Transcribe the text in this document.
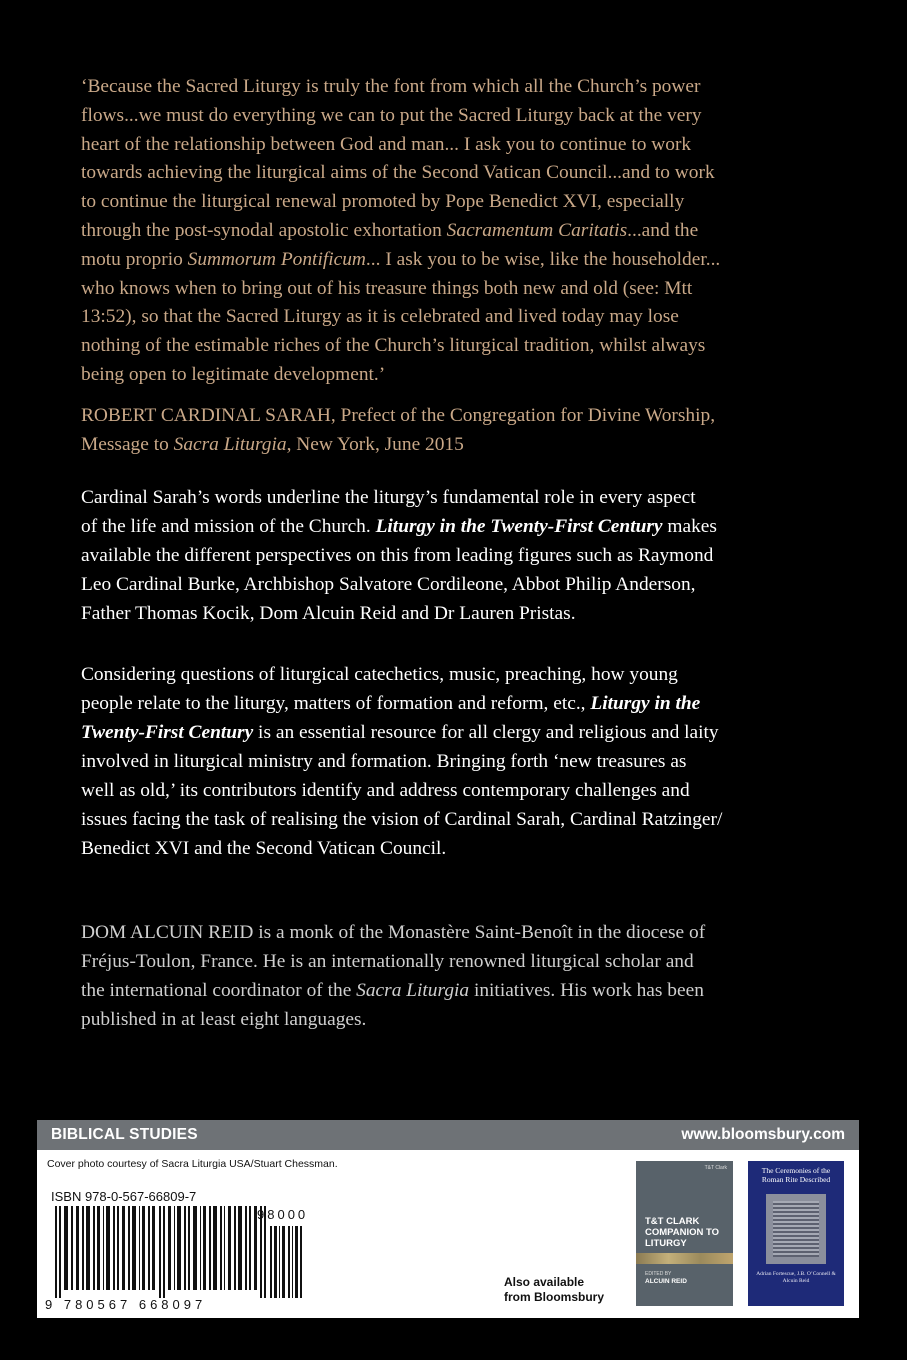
‘Because the Sacred Liturgy is truly the font from which all the Church’s power

flows...we must do everything we can to put the Sacred Liturgy back at the very

heart of the relationship between God and man... I ask you to continue to work

towards achieving the liturgical aims of the Second Vatican Council...and to work

to continue the liturgical renewal promoted by Pope Benedict XVI, especially

through the post-synodal apostolic exhortation Sacramentum Caritatis...and the

motu proprio Summorum Pontificum... I ask you to be wise, like the householder...

who knows when to bring out of his treasure things both new and old (see: Mtt

13:52), so that the Sacred Liturgy as it is celebrated and lived today may lose

nothing of the estimable riches of the Church’s liturgical tradition, whilst always

being open to legitimate development.’

ROBERT CARDINAL SARAH, Prefect of the Congregation for Divine Worship,
Message to Sacra Liturgia, New York, June 2015
Cardinal Sarah’s words underline the liturgy’s fundamental role in every aspect
of the life and mission of the Church. Liturgy in the Twenty-First Century makes
available the different perspectives on this from leading figures such as Raymond
Leo Cardinal Burke, Archbishop Salvatore Cordileone, Abbot Philip Anderson,
Father Thomas Kocik, Dom Alcuin Reid and Dr Lauren Pristas.
Considering questions of liturgical catechetics, music, preaching, how young
people relate to the liturgy, matters of formation and reform, etc., Liturgy in the
Twenty-First Century is an essential resource for all clergy and religious and laity
involved in liturgical ministry and formation. Bringing forth ‘new treasures as
well as old,’ its contributors identify and address contemporary challenges and
issues facing the task of realising the vision of Cardinal Sarah, Cardinal Ratzinger/
Benedict XVI and the Second Vatican Council.
DOM ALCUIN REID is a monk of the Monastère Saint-Benoît in the diocese of
Fréjus-Toulon, France. He is an internationally renowned liturgical scholar and
the international coordinator of the Sacra Liturgia initiatives. His work has been
published in at least eight languages.
BIBLICAL STUDIES	www.bloomsbury.com
Cover photo courtesy of Sacra Liturgia USA/Stuart Chessman.
ISBN 978-0-567-66809-7
98000
9 780567 668097
Also available
from Bloomsbury
T&T Clark
T&T CLARK
COMPANION TO
LITURGY
EDITED BY
ALCUIN REID
The Ceremonies of the
Roman Rite Described
Adrian Fortescue, J.B. O’Connell & Alcuin Reid
